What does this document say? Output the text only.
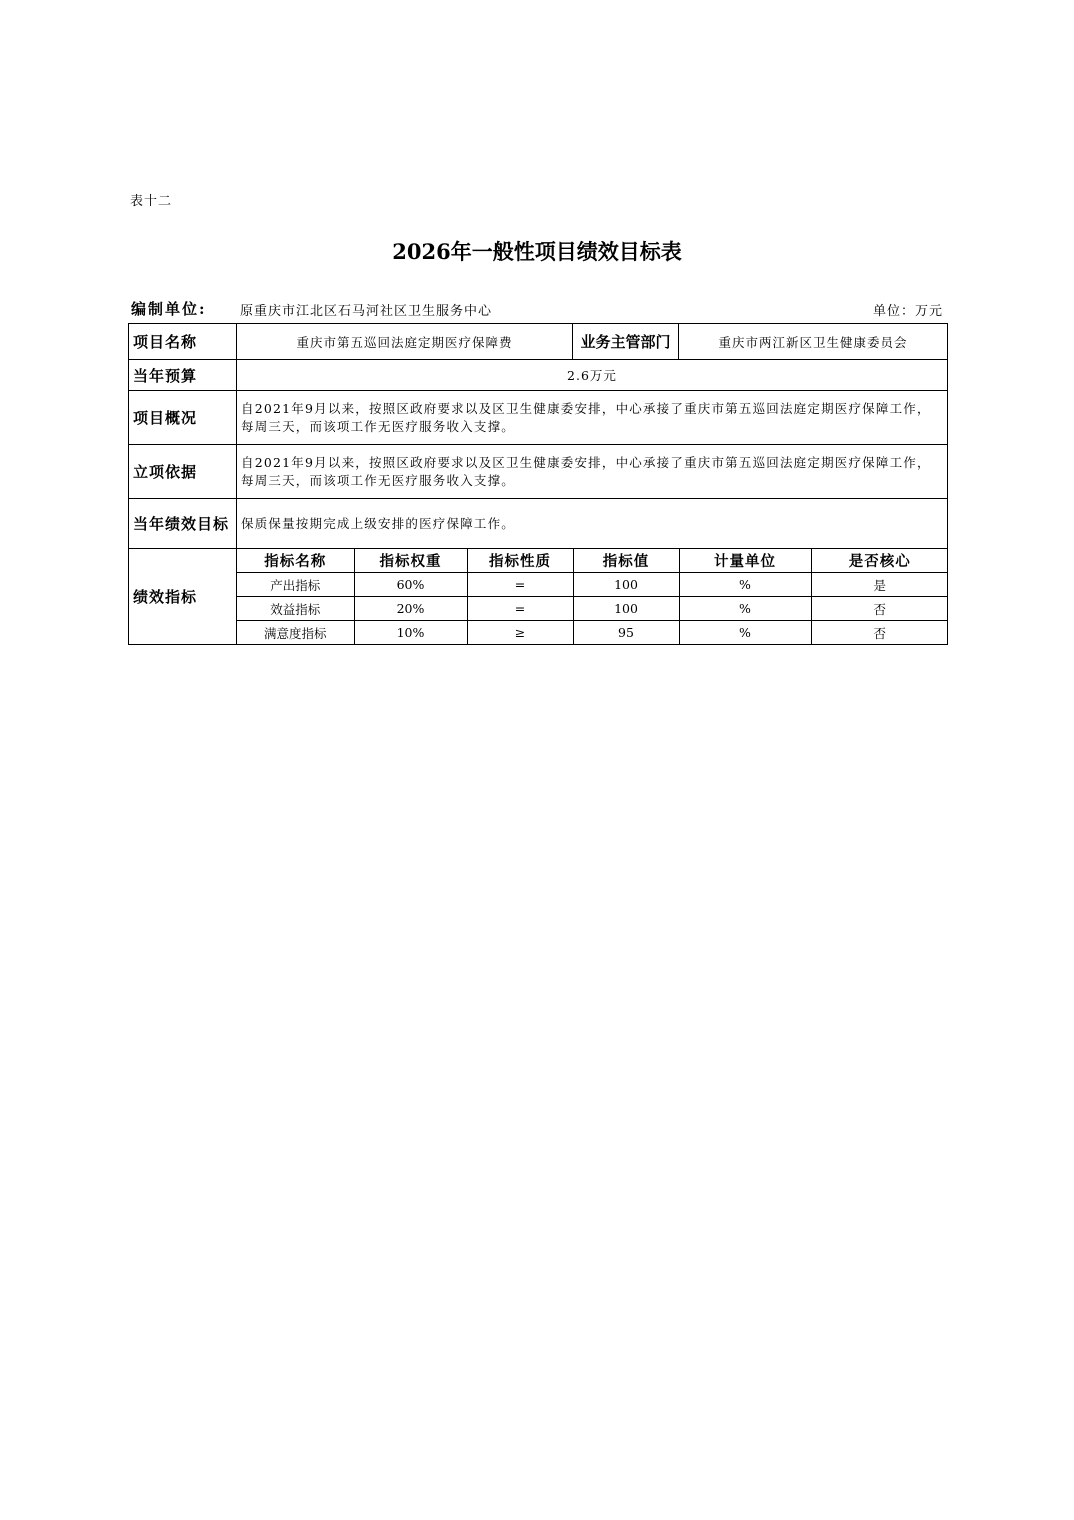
表十二
2026年一般性项目绩效目标表
编制单位:	原重庆市江北区石马河社区卫生服务中心	单位：万元
项目名称	重庆市第五巡回法庭定期医疗保障费	业务主管部门	重庆市两江新区卫生健康委员会
当年预算	2.6万元
项目概况	自2021年9月以来，按照区政府要求以及区卫生健康委安排，中心承接了重庆市第五巡回法庭定期医疗保障工作，每周三天，而该项工作无医疗服务收入支撑。
立项依据	自2021年9月以来，按照区政府要求以及区卫生健康委安排，中心承接了重庆市第五巡回法庭定期医疗保障工作，每周三天，而该项工作无医疗服务收入支撑。
当年绩效目标	保质保量按期完成上级安排的医疗保障工作。
绩效指标	
指标名称	指标权重	指标性质	指标值	计量单位	是否核心
产出指标	60%	=	100	%	是
效益指标	20%	=	100	%	否
满意度指标	10%	≥	95	%	否
